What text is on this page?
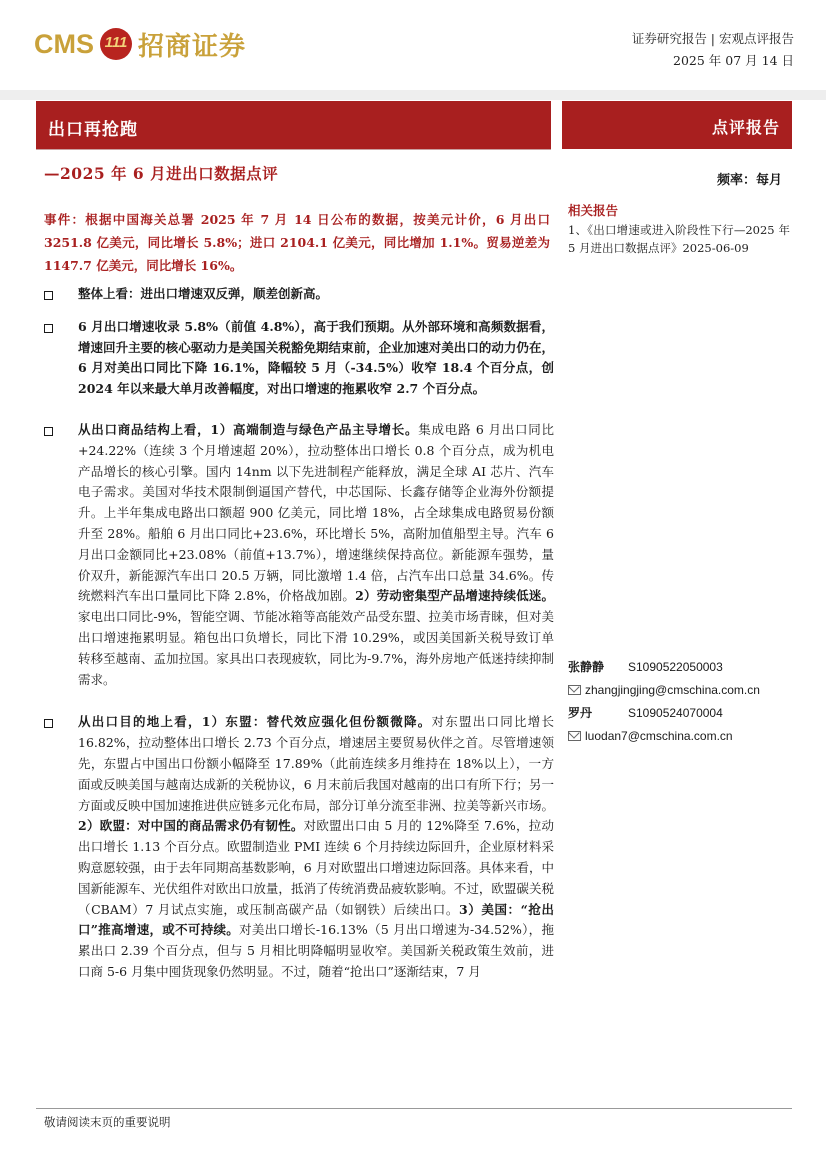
CMS 111 招商证券	证券研究报告 | 宏观点评报告
2025 年 07 月 14 日
出口再抢跑	点评报告
—2025 年 6 月进出口数据点评
事件：根据中国海关总署 2025 年 7 月 14 日公布的数据，按美元计价，6 月出口 3251.8 亿美元，同比增长 5.8%；进口 2104.1 亿美元，同比增加 1.1%。贸易逆差为 1147.7 亿美元，同比增长 16%。
整体上看：进出口增速双反弹，顺差创新高。
6 月出口增速收录 5.8%（前值 4.8%），高于我们预期。从外部环境和高频数据看，增速回升主要的核心驱动力是美国关税豁免期结束前，企业加速对美出口的动力仍在，6 月对美出口同比下降 16.1%，降幅较 5 月（-34.5%）收窄 18.4 个百分点，创 2024 年以来最大单月改善幅度，对出口增速的拖累收窄 2.7 个百分点。
从出口商品结构上看，1）高端制造与绿色产品主导增长。集成电路 6 月出口同比+24.22%（连续 3 个月增速超 20%），拉动整体出口增长 0.8 个百分点，成为机电产品增长的核心引擎。国内 14nm 以下先进制程产能释放，满足全球 AI 芯片、汽车电子需求。美国对华技术限制倒逼国产替代，中芯国际、长鑫存储等企业海外份额提升。上半年集成电路出口额超 900 亿美元，同比增 18%，占全球集成电路贸易份额升至 28%。船舶 6 月出口同比+23.6%，环比增长 5%，高附加值船型主导。汽车 6 月出口金额同比+23.08%（前值+13.7%），增速继续保持高位。新能源车强势，量价双升，新能源汽车出口 20.5 万辆，同比激增 1.4 倍，占汽车出口总量 34.6%。传统燃料汽车出口量同比下降 2.8%，价格战加剧。2）劳动密集型产品增速持续低迷。家电出口同比-9%，智能空调、节能冰箱等高能效产品受东盟、拉美市场青睐，但对美出口增速拖累明显。箱包出口负增长，同比下滑 10.29%，或因美国新关税导致订单转移至越南、孟加拉国。家具出口表现疲软，同比为-9.7%，海外房地产低迷持续抑制需求。
从出口目的地上看，1）东盟：替代效应强化但份额微降。对东盟出口同比增长 16.82%，拉动整体出口增长 2.73 个百分点，增速居主要贸易伙伴之首。尽管增速领先，东盟占中国出口份额小幅降至 17.89%（此前连续多月维持在 18%以上），一方面或反映美国与越南达成新的关税协议，6 月末前后我国对越南的出口有所下行；另一方面或反映中国加速推进供应链多元化布局，部分订单分流至非洲、拉美等新兴市场。2）欧盟：对中国的商品需求仍有韧性。对欧盟出口由 5 月的 12%降至 7.6%，拉动出口增长 1.13 个百分点。欧盟制造业 PMI 连续 6 个月持续边际回升，企业原材料采购意愿较强，由于去年同期高基数影响，6 月对欧盟出口增速边际回落。具体来看，中国新能源车、光伏组件对欧出口放量，抵消了传统消费品疲软影响。不过，欧盟碳关税（CBAM）7 月试点实施，或压制高碳产品（如钢铁）后续出口。3）美国：“抢出口”推高增速，或不可持续。对美出口增长-16.13%（5 月出口增速为-34.52%），拖累出口 2.39 个百分点，但与 5 月相比明降幅明显收窄。美国新关税政策生效前，进口商 5-6 月集中囤货现象仍然明显。不过，随着“抢出口”逐渐结束，7 月
频率：每月
相关报告
1、《出口增速或进入阶段性下行—2025 年 5 月进出口数据点评》2025-06-09
张静静	S1090522050003
zhangjingjing@cmschina.com.cn
罗丹	S1090524070004
luodan7@cmschina.com.cn
敬请阅读末页的重要说明
